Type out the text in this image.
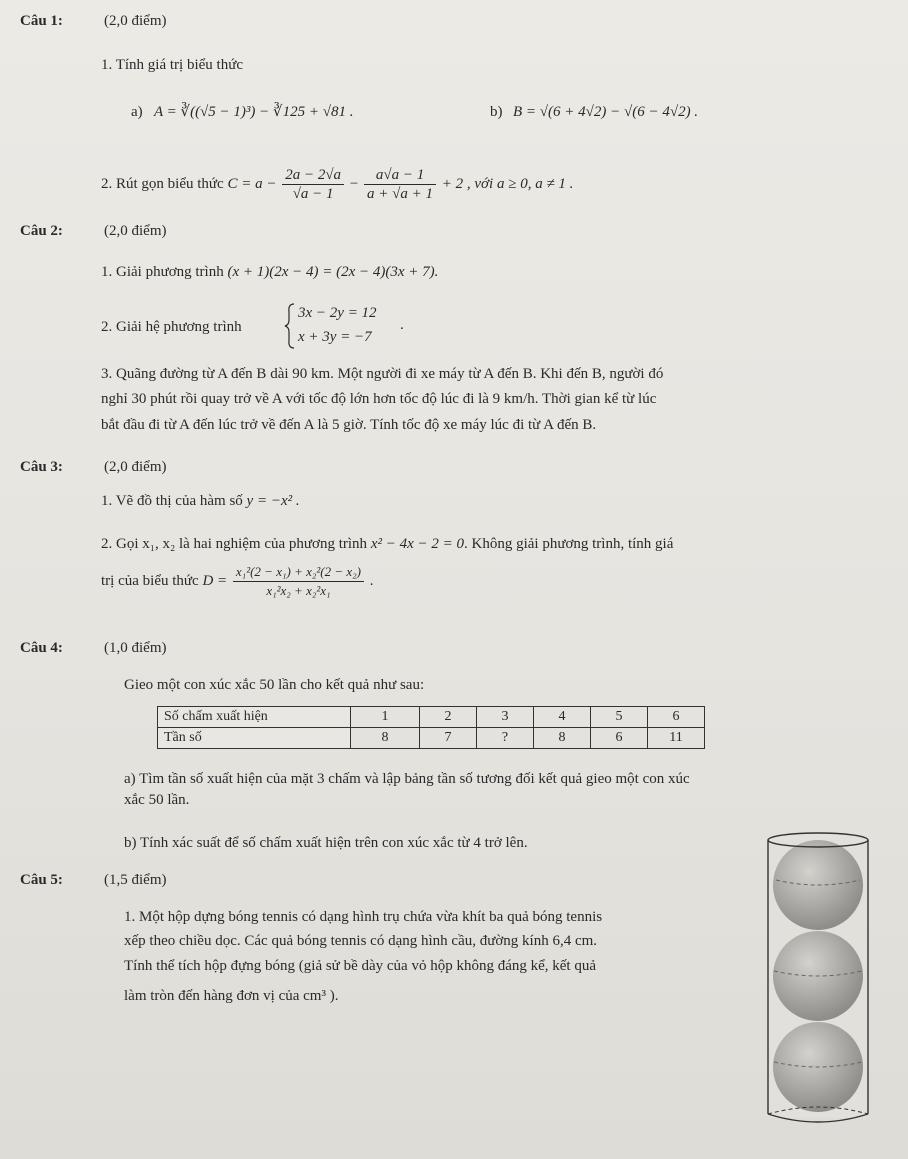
Câu 1:	(2,0 điểm)
1. Tính giá trị biểu thức
a) A = ∛((√5 − 1)³) − ∛125 + √81 .	b) B = √(6 + 4√2) − √(6 − 4√2) .
2. Rút gọn biểu thức $C = a - \frac{2a - 2√a}{√a - 1} - \frac{a√a - 1}{a + √a + 1} + 2$ , với a ≥ 0, a ≠ 1 .
Câu 2:	(2,0 điểm)
1. Giải phương trình (x + 1)(2x − 4) = (2x − 4)(3x + 7).
2. Giải hệ phương trình
3x − 2y = 12
x + 3y = −7
.
3. Quãng đường từ A đến B dài 90 km. Một người đi xe máy từ A đến B. Khi đến B, người đó
nghỉ 30 phút rồi quay trở về A với tốc độ lớn hơn tốc độ lúc đi là 9 km/h. Thời gian kể từ lúc
bắt đầu đi từ A đến lúc trở về đến A là 5 giờ. Tính tốc độ xe máy lúc đi từ A đến B.
Câu 3:	(2,0 điểm)
1. Vẽ đồ thị của hàm số y = −x² .
2. Gọi x₁, x₂ là hai nghiệm của phương trình x² − 4x − 2 = 0. Không giải phương trình, tính giá
trị của biểu thức $D = \frac{\text{x₁²(2 − x₁) + x₂²(2 − x₂)}}{\text{x₁²x₂ + x₂²x₁}}$ .
Câu 4:	(1,0 điểm)
Gieo một con xúc xắc 50 lần cho kết quả như sau:
Số chấm xuất hiện	1	2	3	4	5	6
Tần số	8	7	?	8	6	11
a) Tìm tần số xuất hiện của mặt 3 chấm và lập bảng tần số tương đối kết quả gieo một con xúc
xắc 50 lần.
b) Tính xác suất để số chấm xuất hiện trên con xúc xắc từ 4 trở lên.
Câu 5:	(1,5 điểm)
1. Một hộp dựng bóng tennis có dạng hình trụ chứa vừa khít ba quả bóng tennis
xếp theo chiều dọc. Các quả bóng tennis có dạng hình cầu, đường kính 6,4 cm.
Tính thể tích hộp đựng bóng (giả sử bề dày của vỏ hộp không đáng kể, kết quả
làm tròn đến hàng đơn vị của cm³ ).
